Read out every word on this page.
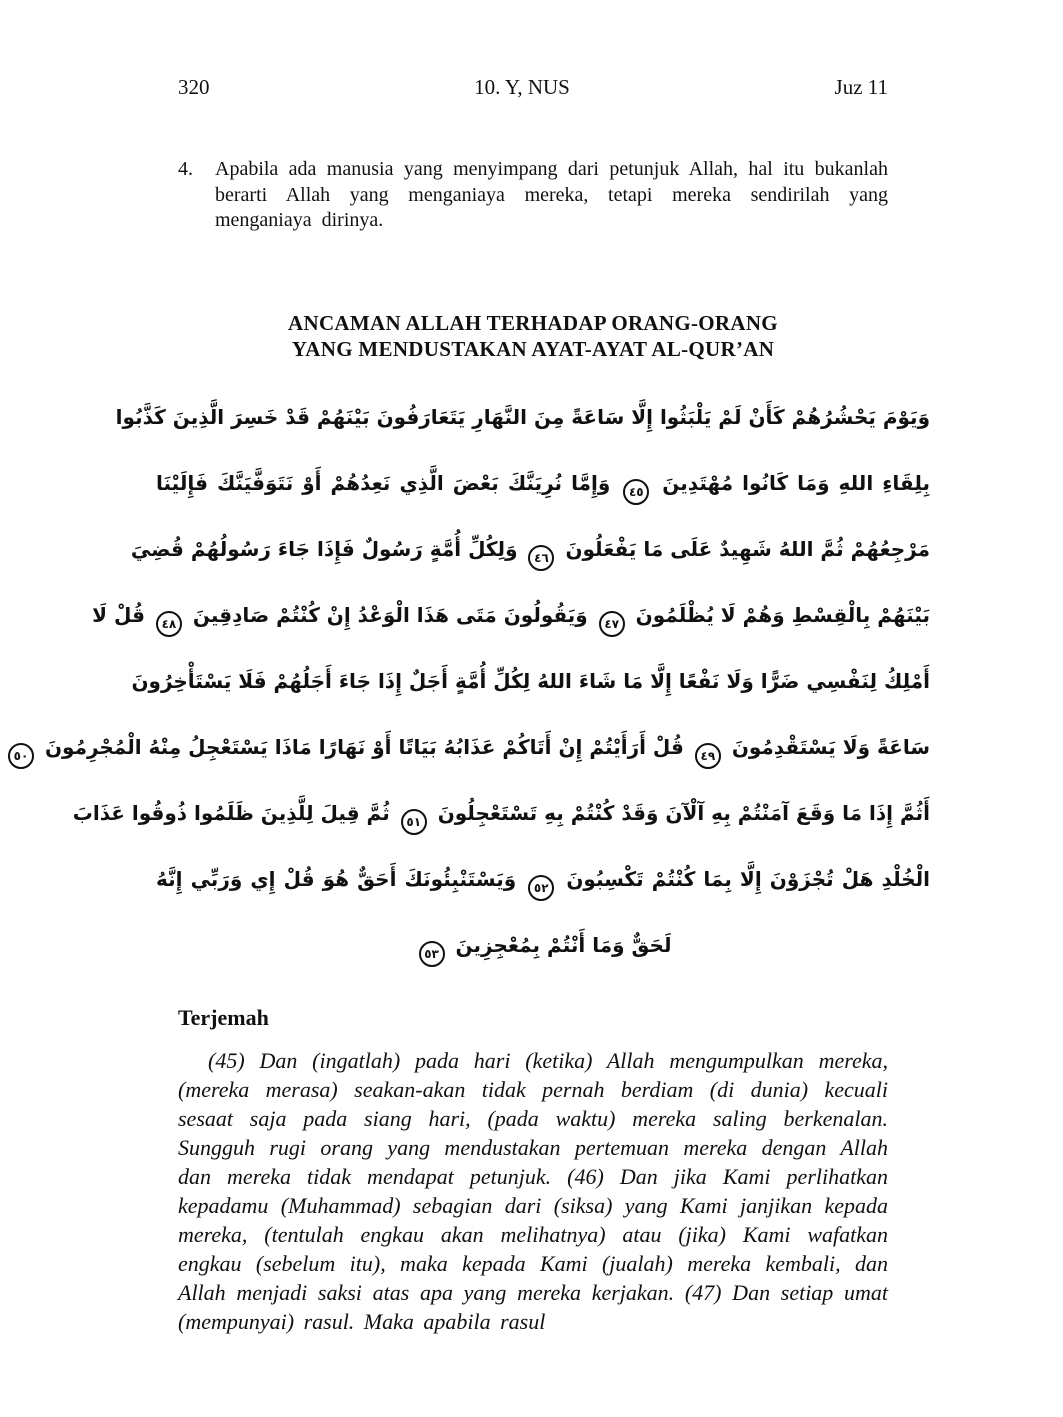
320	10. Y, NUS	Juz 11
4.	Apabila ada manusia yang menyimpang dari petunjuk Allah, hal itu bukanlah berarti Allah yang menganiaya mereka, tetapi mereka sendirilah yang menganiaya dirinya.

ANCAMAN ALLAH TERHADAP ORANG-ORANG
YANG MENDUSTAKAN AYAT-AYAT AL-QUR’AN
وَيَوْمَ يَحْشُرُهُمْ كَأَنْ لَمْ يَلْبَثُوا إِلَّا سَاعَةً مِنَ النَّهَارِ يَتَعَارَفُونَ بَيْنَهُمْ قَدْ خَسِرَ الَّذِينَ كَذَّبُوا
بِلِقَاءِ اللهِ وَمَا كَانُوا مُهْتَدِينَ ٤٥ وَإِمَّا نُرِيَنَّكَ بَعْضَ الَّذِي نَعِدُهُمْ أَوْ نَتَوَفَّيَنَّكَ فَإِلَيْنَا
مَرْجِعُهُمْ ثُمَّ اللهُ شَهِيدٌ عَلَى مَا يَفْعَلُونَ ٤٦ وَلِكُلِّ أُمَّةٍ رَسُولٌ فَإِذَا جَاءَ رَسُولُهُمْ قُضِيَ
بَيْنَهُمْ بِالْقِسْطِ وَهُمْ لَا يُظْلَمُونَ ٤٧ وَيَقُولُونَ مَتَى هَذَا الْوَعْدُ إِنْ كُنْتُمْ صَادِقِينَ ٤٨ قُلْ لَا
أَمْلِكُ لِنَفْسِي ضَرًّا وَلَا نَفْعًا إِلَّا مَا شَاءَ اللهُ لِكُلِّ أُمَّةٍ أَجَلٌ إِذَا جَاءَ أَجَلُهُمْ فَلَا يَسْتَأْخِرُونَ
سَاعَةً وَلَا يَسْتَقْدِمُونَ ٤٩ قُلْ أَرَأَيْتُمْ إِنْ أَتَاكُمْ عَذَابُهُ بَيَاتًا أَوْ نَهَارًا مَاذَا يَسْتَعْجِلُ مِنْهُ الْمُجْرِمُونَ ٥٠
أَثُمَّ إِذَا مَا وَقَعَ آمَنْتُمْ بِهِ آلْآنَ وَقَدْ كُنْتُمْ بِهِ تَسْتَعْجِلُونَ ٥١ ثُمَّ قِيلَ لِلَّذِينَ ظَلَمُوا ذُوقُوا عَذَابَ
الْخُلْدِ هَلْ تُجْزَوْنَ إِلَّا بِمَا كُنْتُمْ تَكْسِبُونَ ٥٢ وَيَسْتَنْبِئُونَكَ أَحَقٌّ هُوَ قُلْ إِي وَرَبِّي إِنَّهُ
لَحَقٌّ وَمَا أَنْتُمْ بِمُعْجِزِينَ ٥٣
Terjemah

(45) Dan (ingatlah) pada hari (ketika) Allah mengumpulkan mereka, (mereka merasa) seakan-akan tidak pernah berdiam (di dunia) kecuali sesaat saja pada siang hari, (pada waktu) mereka saling berkenalan. Sungguh rugi orang yang mendustakan pertemuan mereka dengan Allah dan mereka tidak mendapat petunjuk. (46) Dan jika Kami perlihatkan kepadamu (Muhammad) sebagian dari (siksa) yang Kami janjikan kepada mereka, (tentulah engkau akan melihatnya) atau (jika) Kami wafatkan engkau (sebelum itu), maka kepada Kami (jualah) mereka kembali, dan Allah menjadi saksi atas apa yang mereka kerjakan. (47) Dan setiap umat (mempunyai) rasul. Maka apabila rasul
